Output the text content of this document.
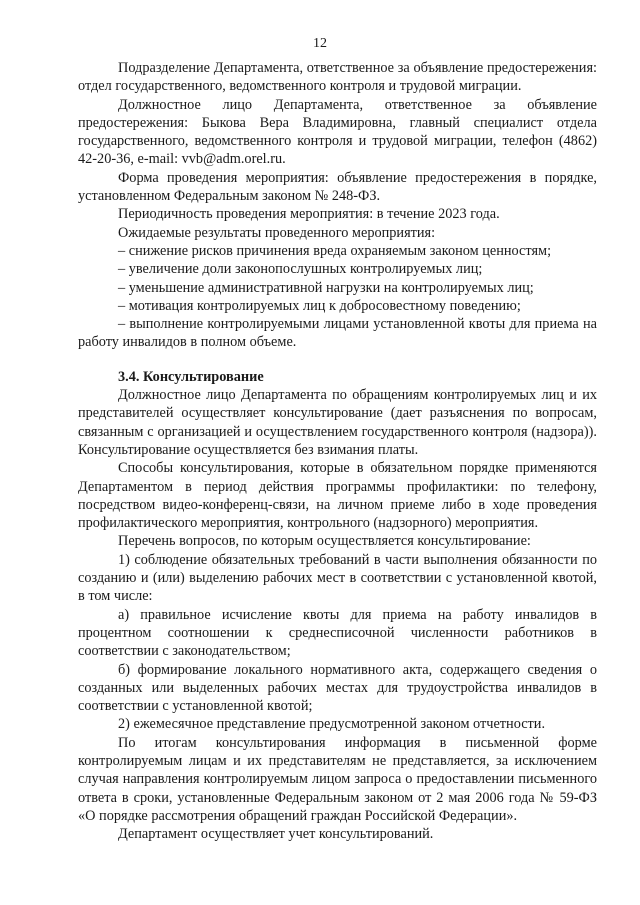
12

Подразделение Департамента, ответственное за объявление предостережения: отдел государственного, ведомственного контроля и трудовой миграции.

Должностное лицо Департамента, ответственное за объявление предостережения: Быкова Вера Владимировна, главный специалист отдела государственного, ведомственного контроля и трудовой миграции, телефон (4862) 42-20-36, e-mail: vvb@adm.orel.ru.

Форма проведения мероприятия: объявление предостережения в порядке, установленном Федеральным законом № 248-ФЗ.

Периодичность проведения мероприятия: в течение 2023 года.

Ожидаемые результаты проведенного мероприятия:

– снижение рисков причинения вреда охраняемым законом ценностям;

– увеличение доли законопослушных контролируемых лиц;

– уменьшение административной нагрузки на контролируемых лиц;

– мотивация контролируемых лиц к добросовестному поведению;

– выполнение контролируемыми лицами установленной квоты для приема на работу инвалидов в полном объеме.

3.4. Консультирование

Должностное лицо Департамента по обращениям контролируемых лиц и их представителей осуществляет консультирование (дает разъяснения по вопросам, связанным с организацией и осуществлением государственного контроля (надзора)). Консультирование осуществляется без взимания платы.

Способы консультирования, которые в обязательном порядке применяются Департаментом в период действия программы профилактики: по телефону, посредством видео-конференц-связи, на личном приеме либо в ходе проведения профилактического мероприятия, контрольного (надзорного) мероприятия.

Перечень вопросов, по которым осуществляется консультирование:

1) соблюдение обязательных требований в части выполнения обязанности по созданию и (или) выделению рабочих мест в соответствии с установленной квотой, в том числе:

а) правильное исчисление квоты для приема на работу инвалидов в процентном соотношении к среднесписочной численности работников в соответствии с законодательством;

б) формирование локального нормативного акта, содержащего сведения о созданных или выделенных рабочих местах для трудоустройства инвалидов в соответствии с установленной квотой;

2) ежемесячное представление предусмотренной законом отчетности.

По итогам консультирования информация в письменной форме контролируемым лицам и их представителям не представляется, за исключением случая направления контролируемым лицом запроса о предоставлении письменного ответа в сроки, установленные Федеральным законом от 2 мая 2006 года № 59-ФЗ «О порядке рассмотрения обращений граждан Российской Федерации».

Департамент осуществляет учет консультирований.
